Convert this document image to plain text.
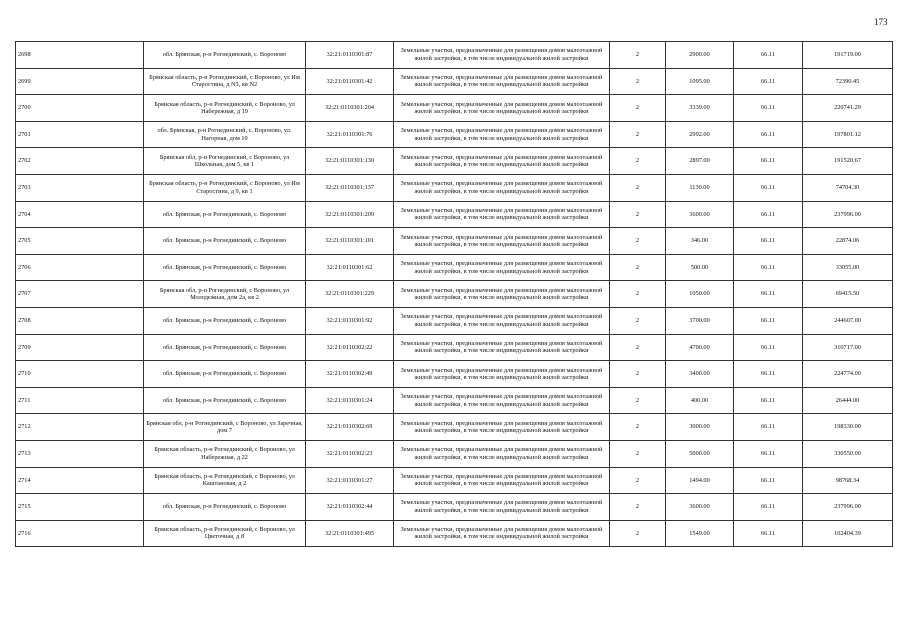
173
2698	обл. Брянская, р-н Рогнединский, с. Вороново	32:21:0110301:87	Земельные участки, предназначенные для размещения домов малоэтажной жилой застройки, в том числе индивидуальной жилой застройки	2	2900.00	66.11	191719.00
2699	Брянская область, р-н Рогнединский, с Вороново, ул Им Старостина, д N3, кв N2	32:21:0110301:42	Земельные участки, предназначенные для размещения домов малоэтажной жилой застройки, в том числе индивидуальной жилой застройки	2	1095.00	66.11	72390.45
2700	Брянская область, р-н Рогнединский, с Вороново, ул Набережная, д 19	32:21:0110301:204	Земельные участки, предназначенные для размещения домов малоэтажной жилой застройки, в том числе индивидуальной жилой застройки	2	3339.00	66.11	220741.29
2701	обл. Брянская, р-н Рогнединский, с. Вороново, ул. Нагорная, дом 10	32:21:0110301:76	Земельные участки, предназначенные для размещения домов малоэтажной жилой застройки, в том числе индивидуальной жилой застройки	2	2992.00	66.11	197801.12
2702	Брянская обл, р-н Рогнединский, с Вороново, ул Школьная, дом 5, кв 1	32:21:0110301:130	Земельные участки, предназначенные для размещения домов малоэтажной жилой застройки, в том числе индивидуальной жилой застройки	2	2897.00	66.11	191520.67
2703	Брянская область, р-н Рогнединский, с Вороново, ул Им Старостина, д 9, кв 1	32:21:0110301:137	Земельные участки, предназначенные для размещения домов малоэтажной жилой застройки, в том числе индивидуальной жилой застройки	2	1130.00	66.11	74704.30
2704	обл. Брянская, р-н Рогнединский, с. Вороново	32:21:0110301:209	Земельные участки, предназначенные для размещения домов малоэтажной жилой застройки, в том числе индивидуальной жилой застройки	2	3600.00	66.11	237996.00
2705	обл. Брянская, р-н Рогнединский, с. Вороново	32:21:0110301:101	Земельные участки, предназначенные для размещения домов малоэтажной жилой застройки, в том числе индивидуальной жилой застройки	2	346.00	66.11	22874.06
2706	обл. Брянская, р-н Рогнединский, с. Вороново	32:21:0110301:62	Земельные участки, предназначенные для размещения домов малоэтажной жилой застройки, в том числе индивидуальной жилой застройки	2	500.00	66.11	33055.00
2707	Брянская обл, р-н Рогнединский, с Вороново, ул Молодежная, дом 2а, кв 2	32:21:0110301:229	Земельные участки, предназначенные для размещения домов малоэтажной жилой застройки, в том числе индивидуальной жилой застройки	2	1050.00	66.11	69415.50
2708	обл. Брянская, р-н Рогнединский, с. Вороново	32:21:0110301:92	Земельные участки, предназначенные для размещения домов малоэтажной жилой застройки, в том числе индивидуальной жилой застройки	2	3700.00	66.11	244607.00
2709	обл. Брянская, р-н Рогнединский, с. Вороново	32:21:0110302:22	Земельные участки, предназначенные для размещения домов малоэтажной жилой застройки, в том числе индивидуальной жилой застройки	2	4700.00	66.11	310717.00
2710	обл. Брянская, р-н Рогнединский, с. Вороново	32:21:0110302:49	Земельные участки, предназначенные для размещения домов малоэтажной жилой застройки, в том числе индивидуальной жилой застройки	2	3400.00	66.11	224774.00
2711	обл. Брянская, р-н Рогнединский, с. Вороново	32:21:0110301:24	Земельные участки, предназначенные для размещения домов малоэтажной жилой застройки, в том числе индивидуальной жилой застройки	2	400.00	66.11	26444.00
2712	Брянская обл, р-н Рогнединский, с Вороново, ул Заречная, дом 7	32:21:0110302:69	Земельные участки, предназначенные для размещения домов малоэтажной жилой застройки, в том числе индивидуальной жилой застройки	2	3000.00	66.11	198330.00
2713	Брянская область, р-н Рогнединский, с Вороново, ул Набережная, д 22	32:21:0110302:23	Земельные участки, предназначенные для размещения домов малоэтажной жилой застройки, в том числе индивидуальной жилой застройки	2	5000.00	66.11	330550.00
2714	Брянская область, р-н Рогнединский, с Вороново, ул Каштановая, д 2	32:21:0110301:27	Земельные участки, предназначенные для размещения домов малоэтажной жилой застройки, в том числе индивидуальной жилой застройки	2	1494.00	66.11	98768.34
2715	обл. Брянская, р-н Рогнединский, с. Вороново	32:21:0110302:44	Земельные участки, предназначенные для размещения домов малоэтажной жилой застройки, в том числе индивидуальной жилой застройки	2	3600.00	66.11	237996.00
2716	Брянская область, р-н Рогнединский, с Вороново, ул Цветочная, д 8	32:21:0110301:495	Земельные участки, предназначенные для размещения домов малоэтажной жилой застройки, в том числе индивидуальной жилой застройки	2	1549.00	66.11	102404.39
